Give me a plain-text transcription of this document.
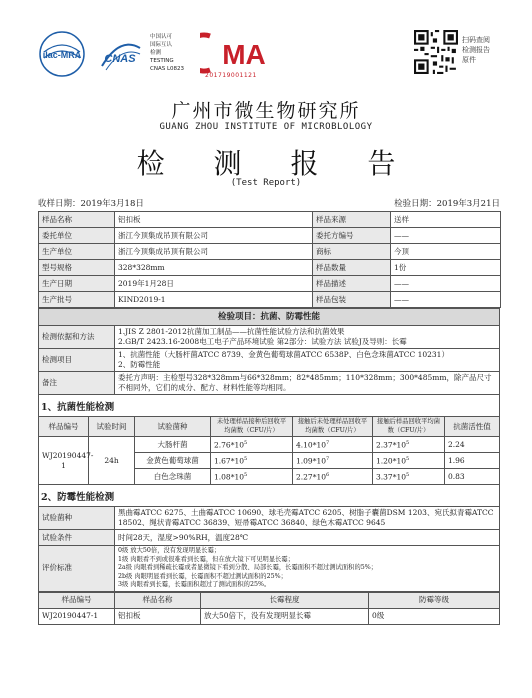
ilac-MRA CNAS
中国认可
国际互认
检测
TESTING
CNAS L0823	MA
201719001121
扫码查阅
检测报告
原件
广州市微生物研究所
GUANG ZHOU INSTITUTE OF MICROBLOLOGY
检 测 报 告
(Test Report)
收样日期：2019年3月18日	检验日期：2019年3月21日
样品名称	铝扣板	样品来源	送样
委托单位	浙江今顶集成吊顶有限公司	委托方编号	——
生产单位	浙江今顶集成吊顶有限公司	商标	今顶
型号规格	328*328mm	样品数量	1份
生产日期	2019年1月28日	样品描述	——
生产批号	KIND2019-1	样品包装	——
检验项目：抗菌、防霉性能	
检测依据和方法	1.JIS Z 2801-2012抗菌加工制品——抗菌性能试验方法和抗菌效果
2.GB/T 2423.16-2008电工电子产品环境试验 第2部分：试验方法 试验J及导则：长霉

检测项目	1、抗菌性能（大肠杆菌ATCC 8739、金黄色葡萄球菌ATCC 6538P、白色念珠菌ATCC 10231）
2、防霉性能

备注	委托方声明：主检型号328*328mm与66*328mm；82*485mm；110*328mm；300*485mm，除产品尺寸不相同外，它们的成分、配方、材料性能等均相同。
1、抗菌性能检测
样品编号	试验时间	试验菌种	未处理样品接种后回收平均菌数（CFU/片）	接触后未处理样品回收平均菌数（CFU/片）	接触后样品回收平均菌数（CFU/片）	抗菌活性值
WJ20190447-1	24h	大肠杆菌	$2.76*10^5$	$4.10*10^7$	$2.37*10^5$	2.24
		金黄色葡萄球菌	$1.67*10^5$	$1.09*10^7$	$1.20*10^5$	1.96
		白色念珠菌	$1.08*10^5$	$2.27*10^6$	$3.37*10^5$	0.83
2、防霉性能检测
试验菌种	黑曲霉ATCC 6275、土曲霉ATCC 10690、球毛壳霉ATCC 6205、树脂子囊菌DSM 1203、宛氏拟青霉ATCC 18502、绳状青霉ATCC 36839、短帚霉ATCC 36840、绿色木霉ATCC 9645
试验条件	时间28天，湿度>90%RH，温度28℃
评价标准	0级 放大50倍，没有发现明显长霉；
1级 肉眼看不到或很难看到长霉，但在放大镜下可见明显长霉；
2a级 肉眼看到稀疏长霉或者显微镜下看到分散、局部长霉，长霉面积不超过测试面积的5%；
2b级 肉眼明显看到长霉，长霉面积不超过测试面积的25%；
3级 肉眼看到长霉，长霉面积超过了测试面积的25%。
样品编号	样品名称	长霉程度	防霉等级
WJ20190447-1	铝扣板	放大50倍下，没有发现明显长霉	0级
